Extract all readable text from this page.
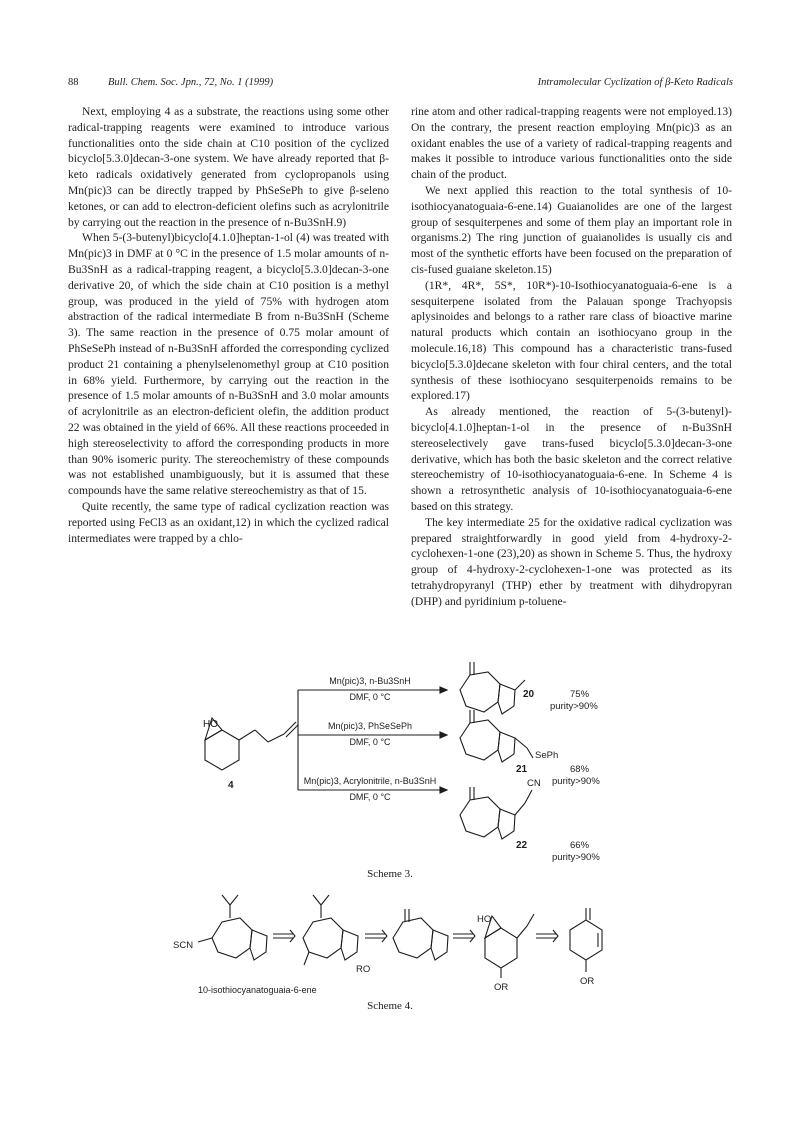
88	Bull. Chem. Soc. Jpn., 72, No. 1 (1999)	Intramolecular Cyclization of β-Keto Radicals

Next, employing 4 as a substrate, the reactions using some other radical-trapping reagents were examined to introduce various functionalities onto the side chain at C10 position of the cyclized bicyclo[5.3.0]decan-3-one system. We have already reported that β-keto radicals oxidatively generated from cyclopropanols using Mn(pic)3 can be directly trapped by PhSeSePh to give β-seleno ketones, or can add to electron-deficient olefins such as acrylonitrile by carrying out the reaction in the presence of n-Bu3SnH.9)

When 5-(3-butenyl)bicyclo[4.1.0]heptan-1-ol (4) was treated with Mn(pic)3 in DMF at 0 °C in the presence of 1.5 molar amounts of n-Bu3SnH as a radical-trapping reagent, a bicyclo[5.3.0]decan-3-one derivative 20, of which the side chain at C10 position is a methyl group, was produced in the yield of 75% with hydrogen atom abstraction of the radical intermediate B from n-Bu3SnH (Scheme 3). The same reaction in the presence of 0.75 molar amount of PhSeSePh instead of n-Bu3SnH afforded the corresponding cyclized product 21 containing a phenylselenomethyl group at C10 position in 68% yield. Furthermore, by carrying out the reaction in the presence of 1.5 molar amounts of n-Bu3SnH and 3.0 molar amounts of acrylonitrile as an electron-deficient olefin, the addition product 22 was obtained in the yield of 66%. All these reactions proceeded in high stereoselectivity to afford the corresponding products in more than 90% isomeric purity. The stereochemistry of these compounds was not established unambiguously, but it is assumed that these compounds have the same relative stereochemistry as that of 15.

Quite recently, the same type of radical cyclization reaction was reported using FeCl3 as an oxidant,12) in which the cyclized radical intermediates were trapped by a chlo-

rine atom and other radical-trapping reagents were not employed.13) On the contrary, the present reaction employing Mn(pic)3 as an oxidant enables the use of a variety of radical-trapping reagents and makes it possible to introduce various functionalities onto the side chain of the product.

We next applied this reaction to the total synthesis of 10-isothiocyanatoguaia-6-ene.14) Guaianolides are one of the largest group of sesquiterpenes and some of them play an important role in organisms.2) The ring junction of guaianolides is usually cis and most of the synthetic efforts have been focused on the preparation of cis-fused guaiane skeleton.15)

(1R*, 4R*, 5S*, 10R*)-10-Isothiocyanatoguaia-6-ene is a sesquiterpene isolated from the Palauan sponge Trachyopsis aplysinoides and belongs to a rather rare class of bioactive marine natural products which contain an isothiocyano group in the molecule.16,18) This compound has a characteristic trans-fused bicyclo[5.3.0]decane skeleton with four chiral centers, and the total synthesis of these isothiocyano sesquiterpenoids remains to be explored.17)

As already mentioned, the reaction of 5-(3-butenyl)-bicyclo[4.1.0]heptan-1-ol in the presence of n-Bu3SnH stereoselectively gave trans-fused bicyclo[5.3.0]decan-3-one derivative, which has both the basic skeleton and the correct relative stereochemistry of 10-isothiocyanatoguaia-6-ene. In Scheme 4 is shown a retrosynthetic analysis of 10-isothiocyanatoguaia-6-ene based on this strategy.

The key intermediate 25 for the oxidative radical cyclization was prepared straightforwardly in good yield from 4-hydroxy-2-cyclohexen-1-one (23),20) as shown in Scheme 5. Thus, the hydroxy group of 4-hydroxy-2-cyclohexen-1-one was protected as its tetrahydropyranyl (THP) ether by treatment with dihydropyran (DHP) and pyridinium p-toluene-

HO
4
Mn(pic)3, n-Bu3SnH
DMF, 0 °C
Mn(pic)3, PhSeSePh
DMF, 0 °C
Mn(pic)3, Acrylonitrile, n-Bu3SnH
DMF, 0 °C
20	75%
purity>90%
SePh
21	68%
purity>90%
CN
22	66%
purity>90%
SCN
HO
OR
OR
RO
10-isothiocyanatoguaia-6-ene
Scheme 3.
Scheme 4.
